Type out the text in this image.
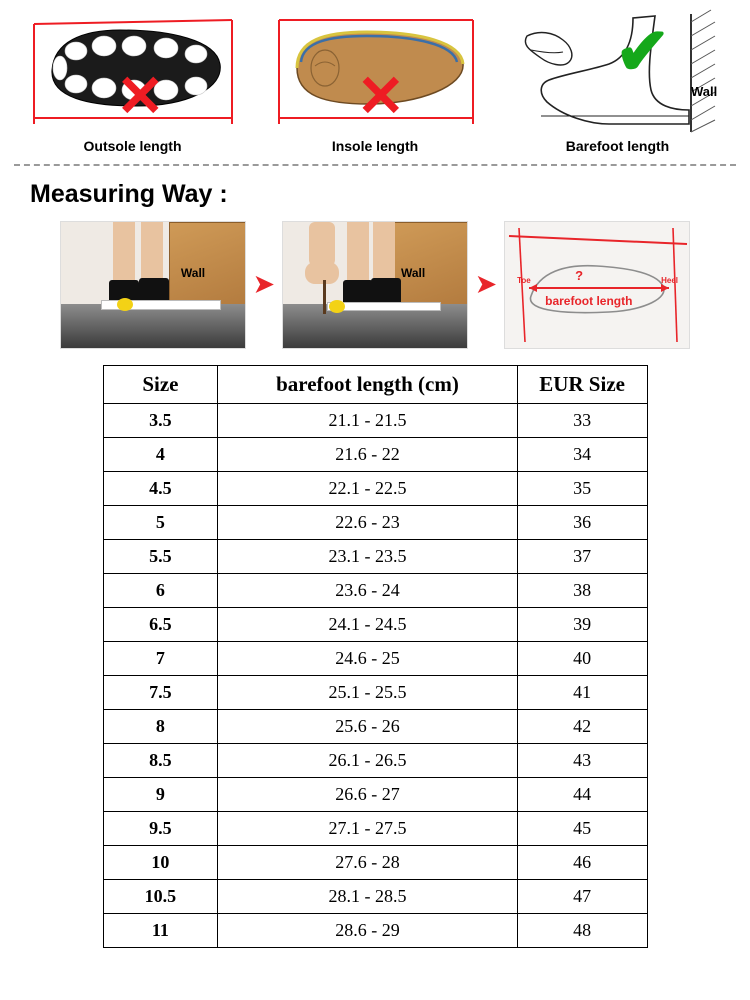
✕
Outsole length
✕
Insole length
✔
Wall
Barefoot length
Measuring Way :
Wall ➤	Wall ➤	Toe	Heel
?
barefoot length
Size	barefoot length (cm)	EUR Size
3.5	21.1 - 21.5	33
4	21.6 - 22	34
4.5	22.1 - 22.5	35
5	22.6 - 23	36
5.5	23.1 - 23.5	37
6	23.6 - 24	38
6.5	24.1 - 24.5	39
7	24.6 - 25	40
7.5	25.1 - 25.5	41
8	25.6 - 26	42
8.5	26.1 - 26.5	43
9	26.6 - 27	44
9.5	27.1 - 27.5	45
10	27.6 - 28	46
10.5	28.1 - 28.5	47
11	28.6 - 29	48
